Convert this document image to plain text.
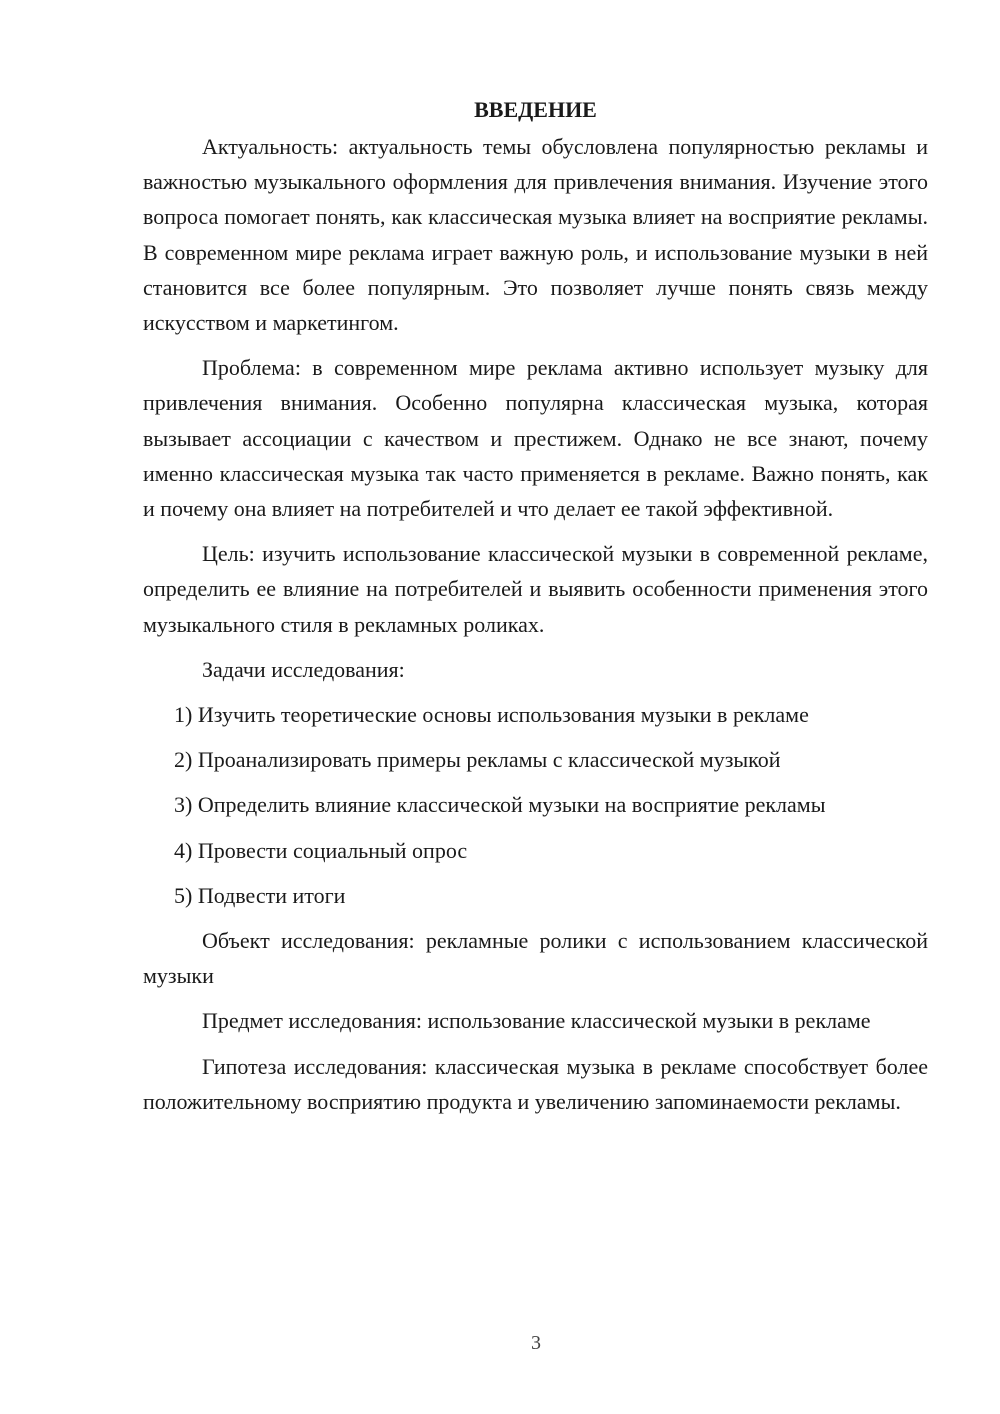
ВВЕДЕНИЕ

Актуальность: актуальность темы обусловлена популярностью рекламы и важностью музыкального оформления для привлечения внимания. Изучение этого вопроса помогает понять, как классическая музыка влияет на восприятие рекламы. В современном мире реклама играет важную роль, и использование музыки в ней становится все более популярным. Это позволяет лучше понять связь между искусством и маркетингом.

Проблема: в современном мире реклама активно использует музыку для привлечения внимания. Особенно популярна классическая музыка, которая вызывает ассоциации с качеством и престижем. Однако не все знают, почему именно классическая музыка так часто применяется в рекламе. Важно понять, как и почему она влияет на потребителей и что делает ее такой эффективной.

Цель: изучить использование классической музыки в современной рекламе, определить ее влияние на потребителей и выявить особенности применения этого музыкального стиля в рекламных роликах.

Задачи исследования:

1) Изучить теоретические основы использования музыки в рекламе
2) Проанализировать примеры рекламы с классической музыкой
3) Определить влияние классической музыки на восприятие рекламы
4) Провести социальный опрос
5) Подвести итоги

Объект исследования: рекламные ролики с использованием классической музыки

Предмет исследования: использование классической музыки в рекламе

Гипотеза исследования: классическая музыка в рекламе способствует более положительному восприятию продукта и увеличению запоминаемости рекламы.

3
